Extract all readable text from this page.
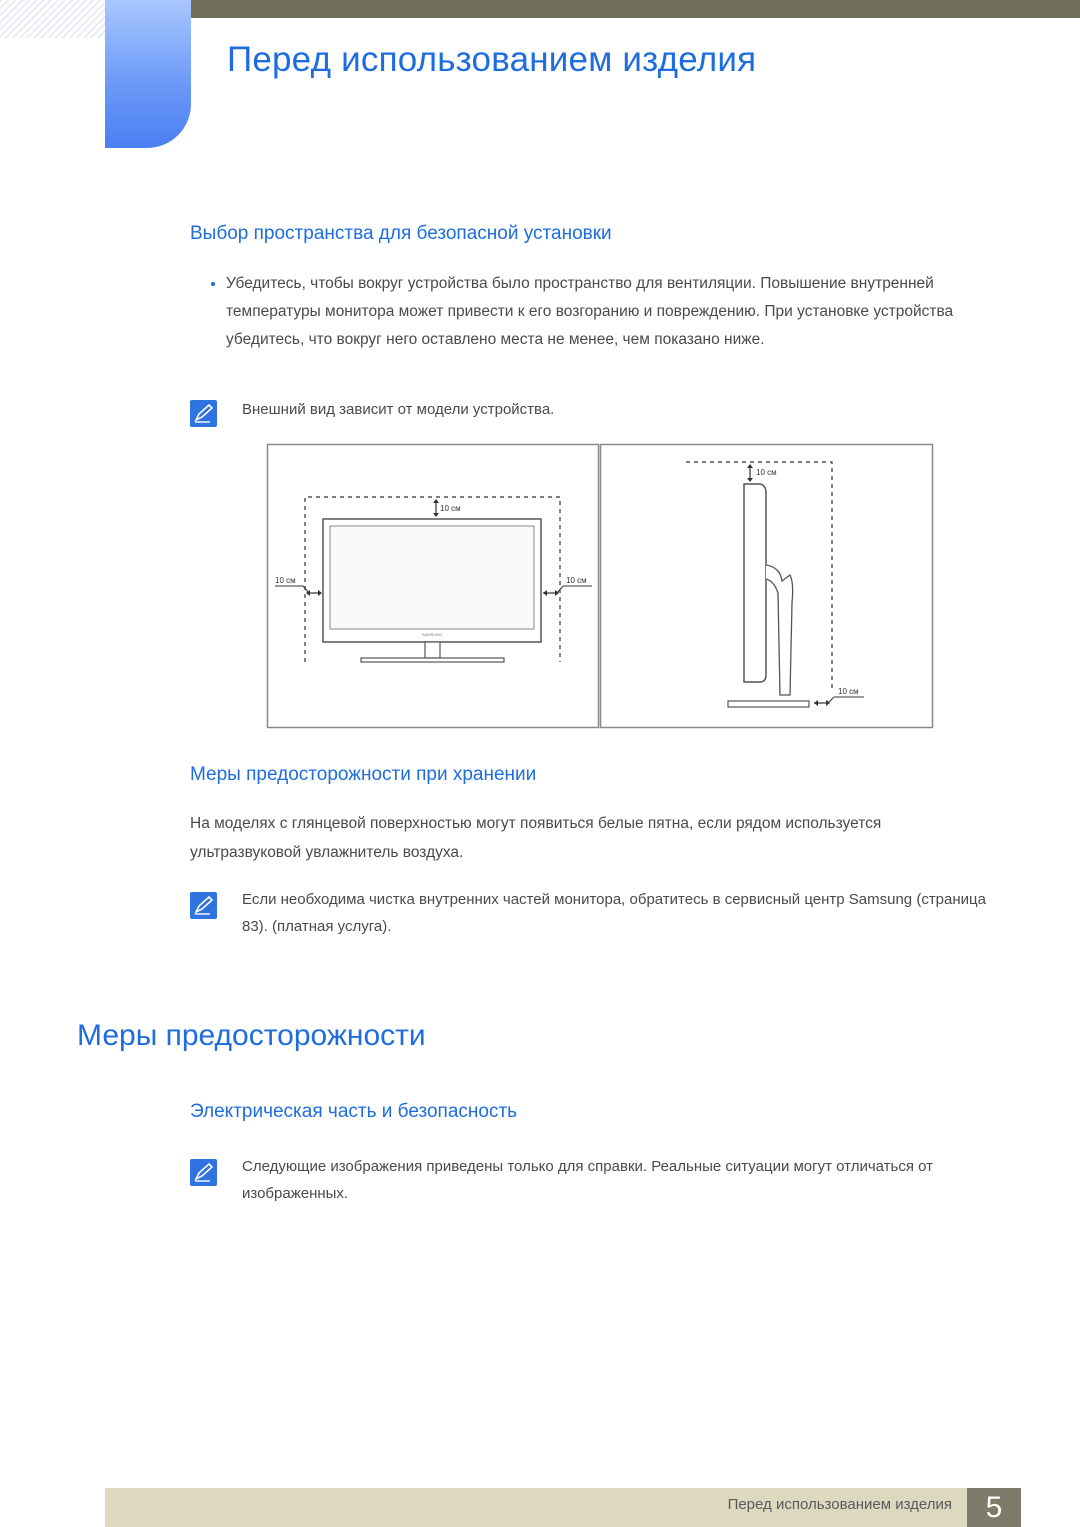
Перед использованием изделия
Выбор пространства для безопасной установки

Убедитесь, чтобы вокруг устройства было пространство для вентиляции. Повышение внутренней температуры монитора может привести к его возгоранию и повреждению. При установке устройства убедитесь, что вокруг него оставлено места не менее, чем показано ниже.

Внешний вид зависит от модели устройства.

SAMSUNG
10 см
10 см	10 см
10 см
10 см
Меры предосторожности при хранении

На моделях с глянцевой поверхностью могут появиться белые пятна, если рядом используется ультразвуковой увлажнитель воздуха.

Если необходима чистка внутренних частей монитора, обратитесь в сервисный центр Samsung (страница 83). (платная услуга).

Меры предосторожности
Электрическая часть и безопасность

Следующие изображения приведены только для справки. Реальные ситуации могут отличаться от изображенных.

Перед использованием изделия	5
